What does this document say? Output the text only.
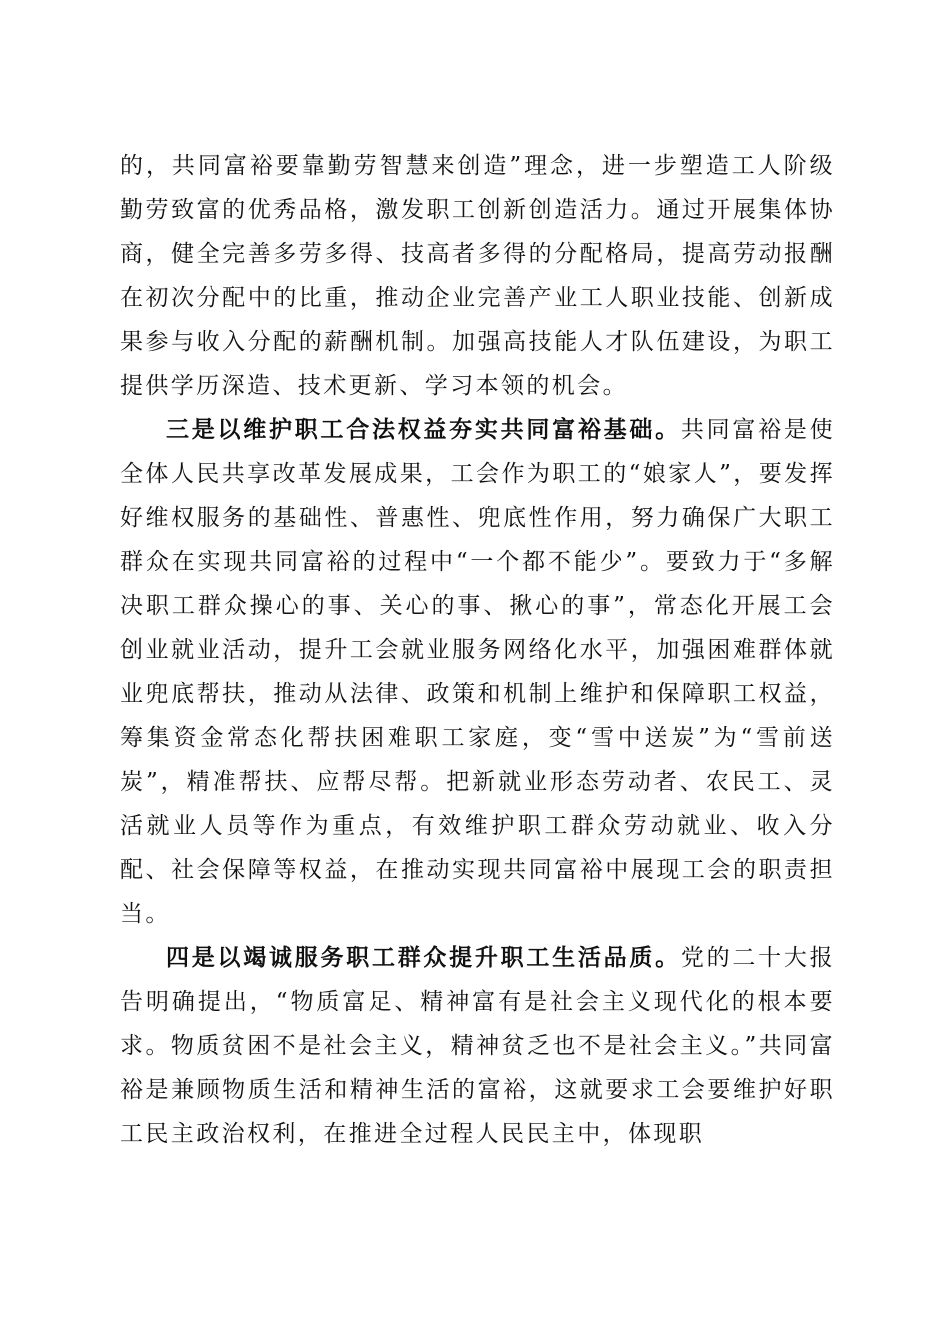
的，共同富裕要靠勤劳智慧来创造”理念，进一步塑造工人阶级勤劳致富的优秀品格，激发职工创新创造活力。通过开展集体协商，健全完善多劳多得、技高者多得的分配格局，提高劳动报酬在初次分配中的比重，推动企业完善产业工人职业技能、创新成果参与收入分配的薪酬机制。加强高技能人才队伍建设，为职工提供学历深造、技术更新、学习本领的机会。

三是以维护职工合法权益夯实共同富裕基础。共同富裕是使全体人民共享改革发展成果，工会作为职工的“娘家人”，要发挥好维权服务的基础性、普惠性、兜底性作用，努力确保广大职工群众在实现共同富裕的过程中“一个都不能少”。要致力于“多解决职工群众操心的事、关心的事、揪心的事”，常态化开展工会创业就业活动，提升工会就业服务网络化水平，加强困难群体就业兜底帮扶，推动从法律、政策和机制上维护和保障职工权益，筹集资金常态化帮扶困难职工家庭，变“雪中送炭”为“雪前送炭”，精准帮扶、应帮尽帮。把新就业形态劳动者、农民工、灵活就业人员等作为重点，有效维护职工群众劳动就业、收入分配、社会保障等权益，在推动实现共同富裕中展现工会的职责担当。

四是以竭诚服务职工群众提升职工生活品质。党的二十大报告明确提出，“物质富足、精神富有是社会主义现代化的根本要求。物质贫困不是社会主义，精神贫乏也不是社会主义。”共同富裕是兼顾物质生活和精神生活的富裕，这就要求工会要维护好职工民主政治权利，在推进全过程人民民主中，体现职
